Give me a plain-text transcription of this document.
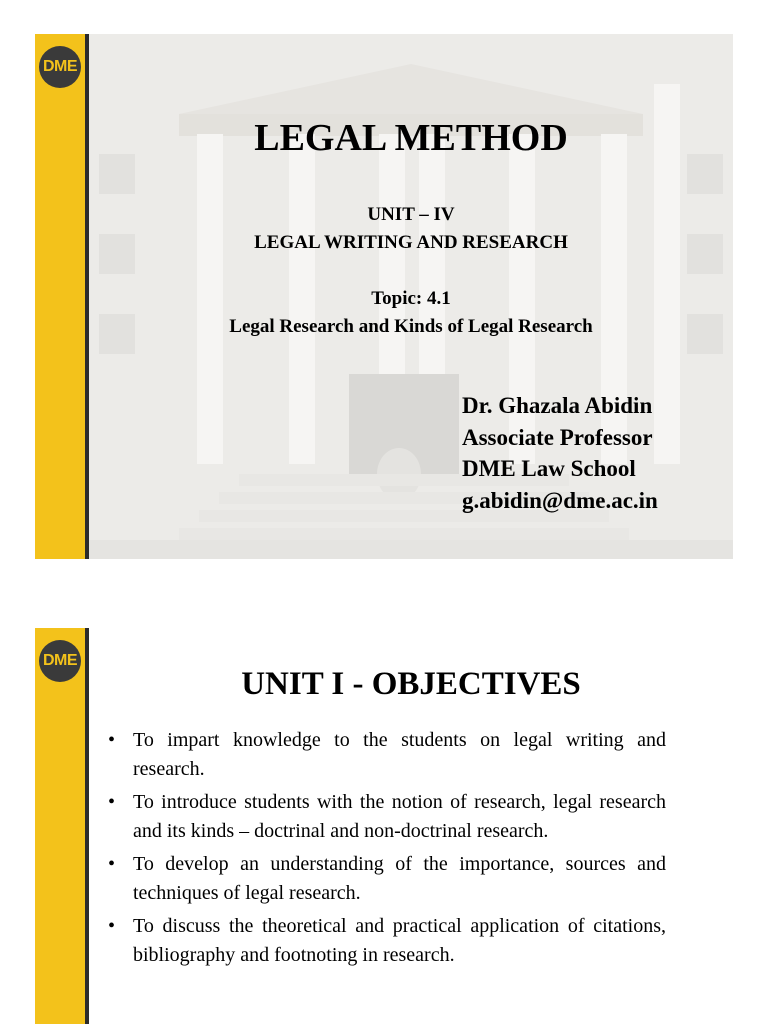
DME
LEGAL METHOD
UNIT – IV
LEGAL WRITING AND RESEARCH
Topic: 4.1
Legal Research and Kinds of Legal Research
Dr. Ghazala Abidin
Associate Professor
DME Law School
g.abidin@dme.ac.in
DME
UNIT I - OBJECTIVES
• To impart knowledge to the students on legal writing and research.
• To introduce students with the notion of research, legal research and its kinds – doctrinal and non-doctrinal research.
• To develop an understanding of the importance, sources and techniques of legal research.
• To discuss the theoretical and practical application of citations, bibliography and footnoting in research.
